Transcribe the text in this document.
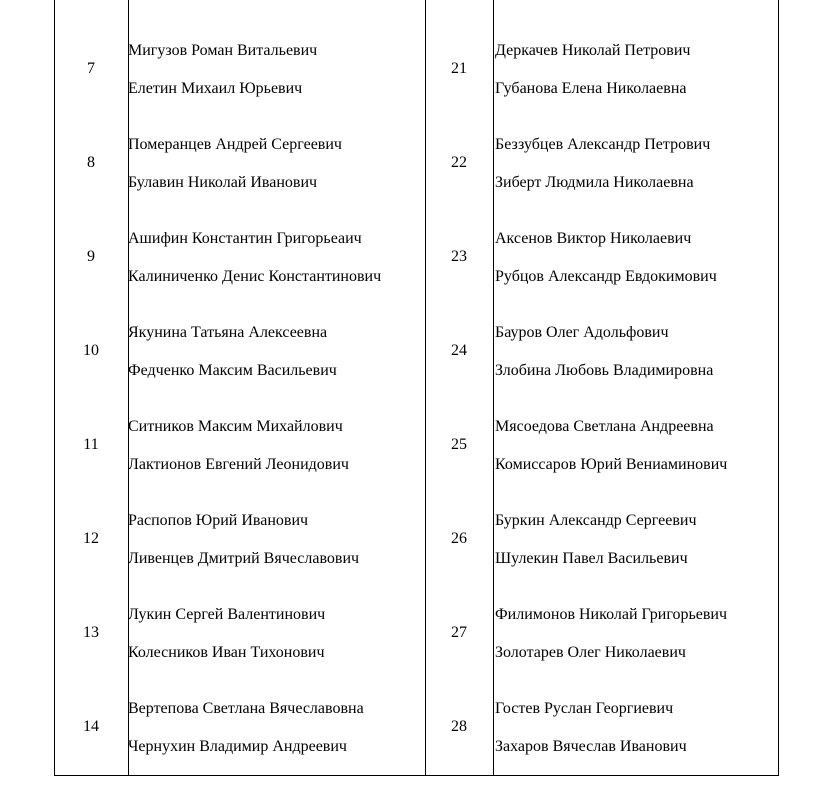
7
Мигузов Роман Витальевич
Елетин Михаил Юрьевич
21
Деркачев Николай Петрович
Губанова Елена Николаевна
8
Померанцев Андрей Сергеевич
Булавин Николай Иванович
22
Беззубцев Александр Петрович
Зиберт Людмила Николаевна
9
Ашифин Константин Григорьеаич
Калиниченко Денис Константинович
23
Аксенов Виктор Николаевич
Рубцов Александр Евдокимович
10
Якунина Татьяна Алексеевна
Федченко Максим Васильевич
24
Бауров Олег Адольфович
Злобина Любовь Владимировна
11
Ситников Максим Михайлович
Лактионов Евгений Леонидович
25
Мясоедова Светлана Андреевна
Комиссаров Юрий Вениаминович
12
Распопов Юрий Иванович
Ливенцев Дмитрий Вячеславович
26
Буркин Александр Сергеевич
Шулекин Павел Васильевич
13
Лукин Сергей Валентинович
Колесников Иван Тихонович
27
Филимонов Николай Григорьевич
Золотарев Олег Николаевич
14
Вертепова Светлана Вячеславовна
Чернухин Владимир Андреевич
28
Гостев Руслан Георгиевич
Захаров Вячеслав Иванович
